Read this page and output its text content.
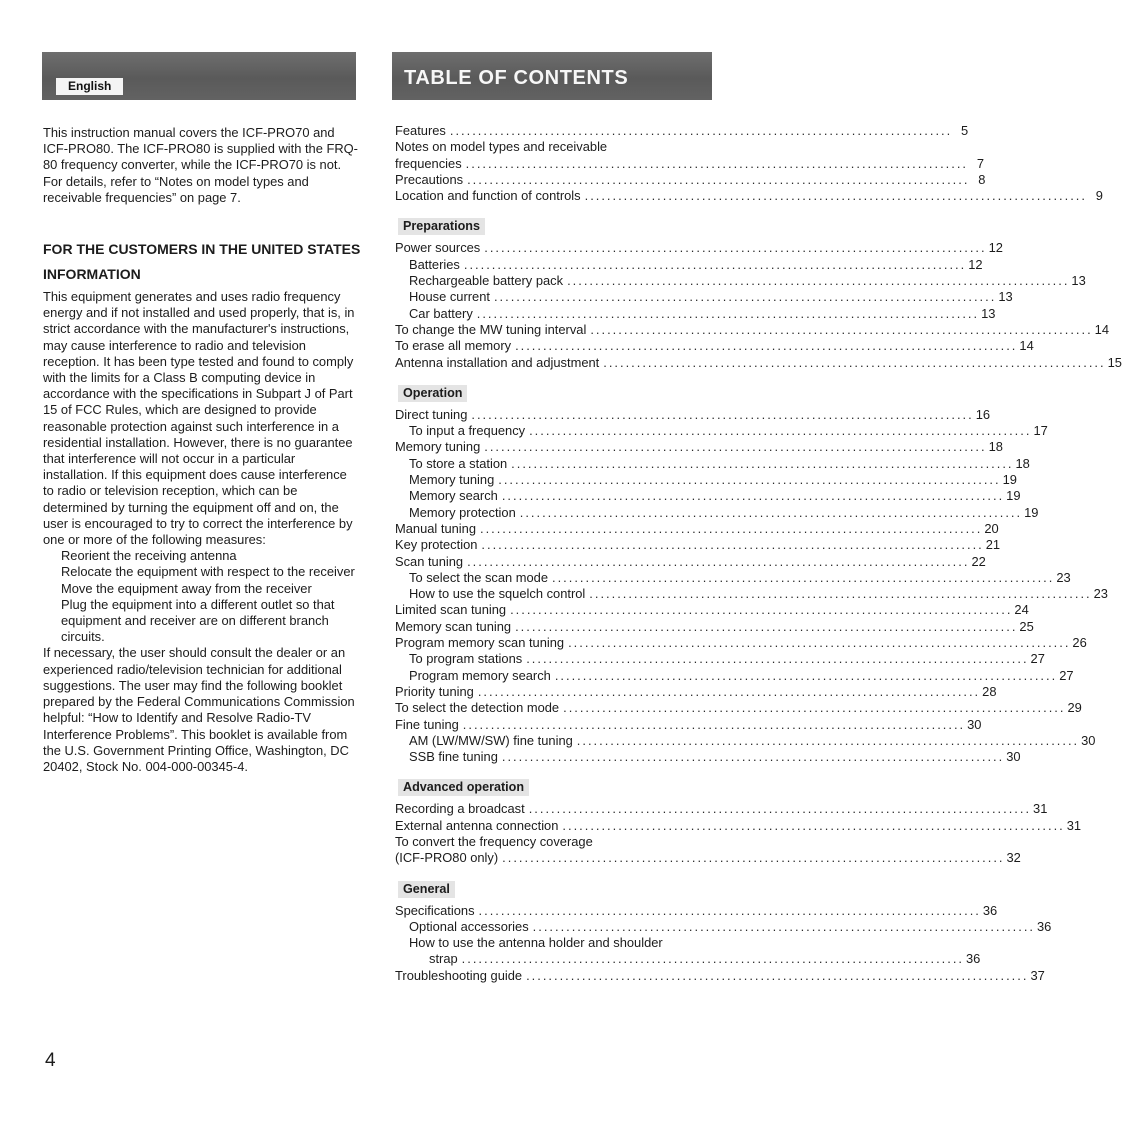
English	TABLE OF CONTENTS

This instruction manual covers the ICF-PRO70 and ICF-PRO80. The ICF-PRO80 is supplied with the FRQ-80 frequency converter, while the ICF-PRO70 is not. For details, refer to “Notes on model types and receivable frequencies” on page 7.

FOR THE CUSTOMERS IN THE UNITED STATES
INFORMATION

This equipment generates and uses radio frequency energy and if not installed and used properly, that is, in strict accordance with the manufacturer's instructions, may cause interference to radio and television reception. It has been type tested and found to comply with the limits for a Class B computing device in accordance with the specifications in Subpart J of Part 15 of FCC Rules, which are designed to provide reasonable protection against such interference in a residential installation. However, there is no guarantee that interference will not occur in a particular installation. If this equipment does cause interference to radio or television reception, which can be determined by turning the equipment off and on, the user is encouraged to try to correct the interference by one or more of the following measures:

Reorient the receiving antenna
Relocate the equipment with respect to the receiver
Move the equipment away from the receiver
Plug the equipment into a different outlet so that equipment and receiver are on different branch circuits.

If necessary, the user should consult the dealer or an experienced radio/television technician for additional suggestions. The user may find the following booklet prepared by the Federal Communications Commission helpful: “How to Identify and Resolve Radio-TV Interference Problems”. This booklet is available from the U.S. Government Printing Office, Washington, DC 20402, Stock No. 004-000-00345-4.

Features .......................................................................................... 5
Notes on model types and receivable
frequencies .......................................................................................... 7
Precautions .......................................................................................... 8
Location and function of controls .......................................................................................... 9
Preparations
Power sources .......................................................................................... 12
Batteries .......................................................................................... 12
Rechargeable battery pack .......................................................................................... 13
House current .......................................................................................... 13
Car battery .......................................................................................... 13
To change the MW tuning interval .......................................................................................... 14
To erase all memory .......................................................................................... 14
Antenna installation and adjustment .......................................................................................... 15
Operation
Direct tuning .......................................................................................... 16
To input a frequency .......................................................................................... 17
Memory tuning .......................................................................................... 18
To store a station .......................................................................................... 18
Memory tuning .......................................................................................... 19
Memory search .......................................................................................... 19
Memory protection .......................................................................................... 19
Manual tuning .......................................................................................... 20
Key protection .......................................................................................... 21
Scan tuning .......................................................................................... 22
To select the scan mode .......................................................................................... 23
How to use the squelch control .......................................................................................... 23
Limited scan tuning .......................................................................................... 24
Memory scan tuning .......................................................................................... 25
Program memory scan tuning .......................................................................................... 26
To program stations .......................................................................................... 27
Program memory search .......................................................................................... 27
Priority tuning .......................................................................................... 28
To select the detection mode .......................................................................................... 29
Fine tuning .......................................................................................... 30
AM (LW/MW/SW) fine tuning .......................................................................................... 30
SSB fine tuning .......................................................................................... 30
Advanced operation
Recording a broadcast .......................................................................................... 31
External antenna connection .......................................................................................... 31
To convert the frequency coverage
(ICF-PRO80 only) .......................................................................................... 32
General
Specifications .......................................................................................... 36
Optional accessories .......................................................................................... 36
How to use the antenna holder and shoulder
strap .......................................................................................... 36
Troubleshooting guide .......................................................................................... 37
4
